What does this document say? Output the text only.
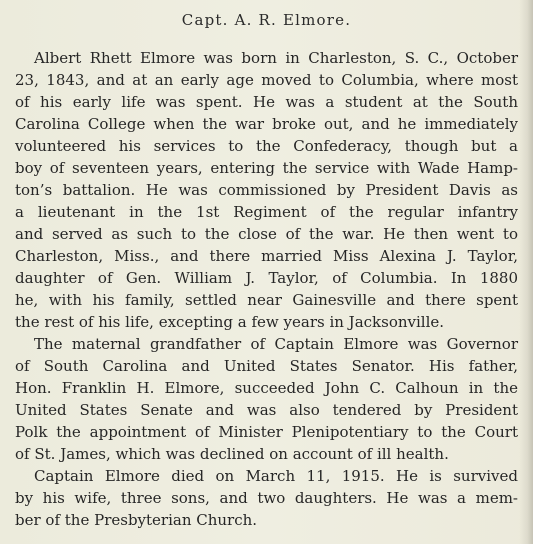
Capt. A. R. Elmore.
Albert Rhett Elmore was born in Charleston, S. C., October
23, 1843, and at an early age moved to Columbia, where most
of his early life was spent. He was a student at the South
Carolina College when the war broke out, and he immediately
volunteered his services to the Confederacy, though but a
boy of seventeen years, entering the service with Wade Hamp-
ton’s battalion. He was commissioned by President Davis as
a lieutenant in the 1st Regiment of the regular infantry
and served as such to the close of the war. He then went to
Charleston, Miss., and there married Miss Alexina J. Taylor,
daughter of Gen. William J. Taylor, of Columbia. In 1880
he, with his family, settled near Gainesville and there spent
the rest of his life, excepting a few years in Jacksonville.
The maternal grandfather of Captain Elmore was Governor
of South Carolina and United States Senator. His father,
Hon. Franklin H. Elmore, succeeded John C. Calhoun in the
United States Senate and was also tendered by President
Polk the appointment of Minister Plenipotentiary to the Court
of St. James, which was declined on account of ill health.
Captain Elmore died on March 11, 1915. He is survived
by his wife, three sons, and two daughters. He was a mem-
ber of the Presbyterian Church.
